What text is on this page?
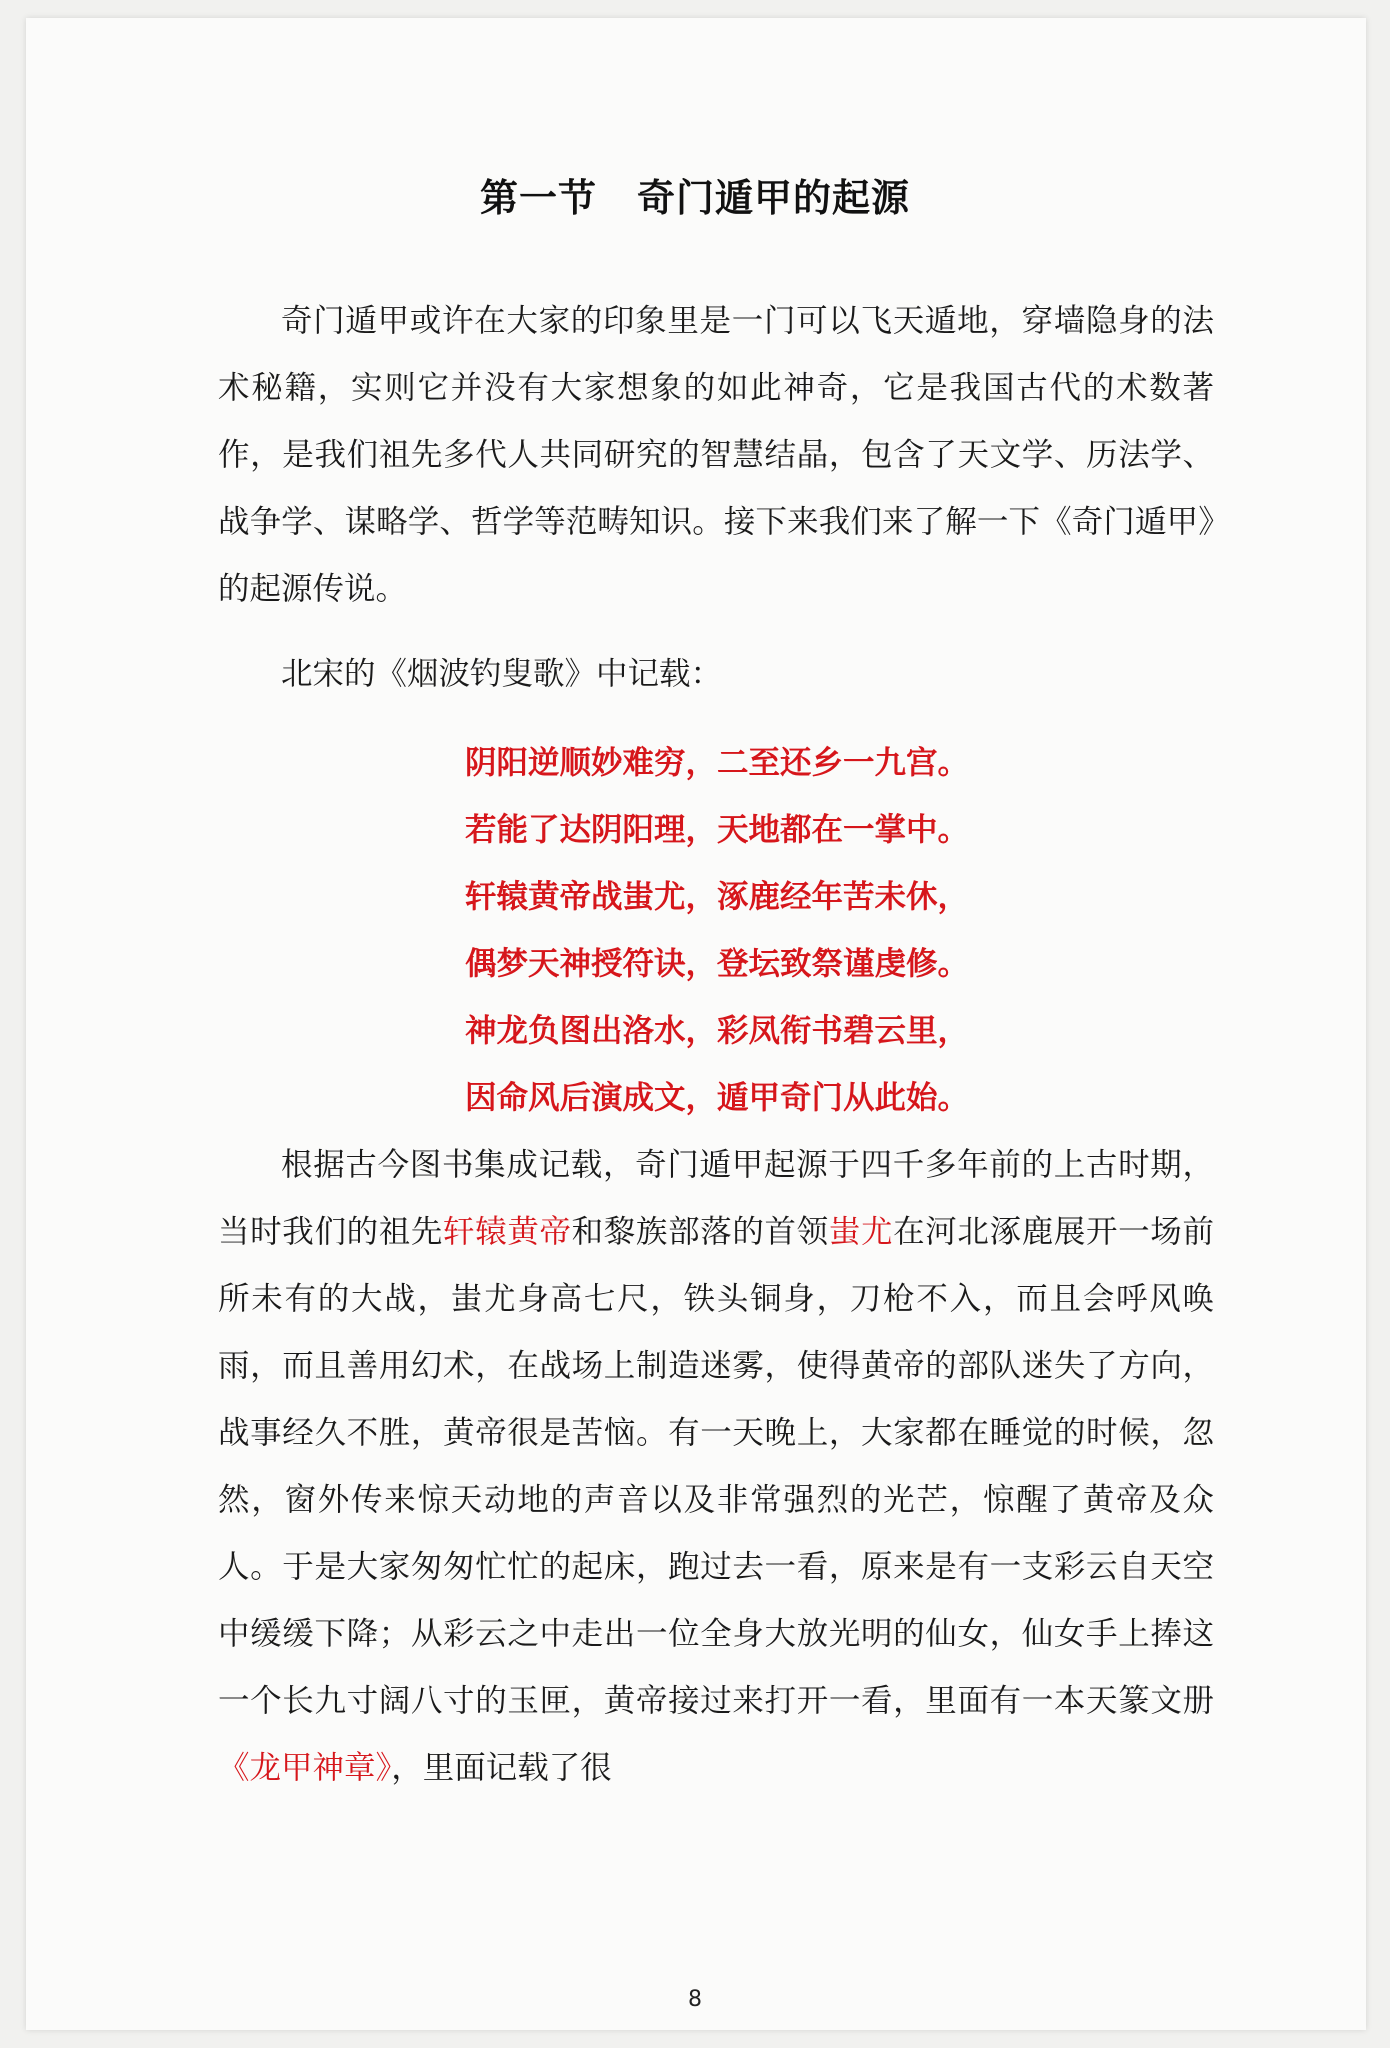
第一节 奇门遁甲的起源

奇门遁甲或许在大家的印象里是一门可以飞天遁地，穿墙隐身的法术秘籍，实则它并没有大家想象的如此神奇，它是我国古代的术数著作，是我们祖先多代人共同研究的智慧结晶，包含了天文学、历法学、战争学、谋略学、哲学等范畴知识。接下来我们来了解一下《奇门遁甲》的起源传说。

北宋的《烟波钓叟歌》中记载：

阴阳逆顺妙难穷，二至还乡一九宫。
若能了达阴阳理，天地都在一掌中。
轩辕黄帝战蚩尤，涿鹿经年苦未休，
偶梦天神授符诀，登坛致祭谨虔修。
神龙负图出洛水，彩凤衔书碧云里，
因命风后演成文，遁甲奇门从此始。

根据古今图书集成记载，奇门遁甲起源于四千多年前的上古时期，当时我们的祖先轩辕黄帝和黎族部落的首领蚩尤在河北涿鹿展开一场前所未有的大战，蚩尤身高七尺，铁头铜身，刀枪不入，而且会呼风唤雨，而且善用幻术，在战场上制造迷雾，使得黄帝的部队迷失了方向，战事经久不胜，黄帝很是苦恼。有一天晚上，大家都在睡觉的时候，忽然，窗外传来惊天动地的声音以及非常强烈的光芒，惊醒了黄帝及众人。于是大家匆匆忙忙的起床，跑过去一看，原来是有一支彩云自天空中缓缓下降；从彩云之中走出一位全身大放光明的仙女，仙女手上捧这一个长九寸阔八寸的玉匣，黄帝接过来打开一看，里面有一本天篆文册《龙甲神章》，里面记载了很

8
